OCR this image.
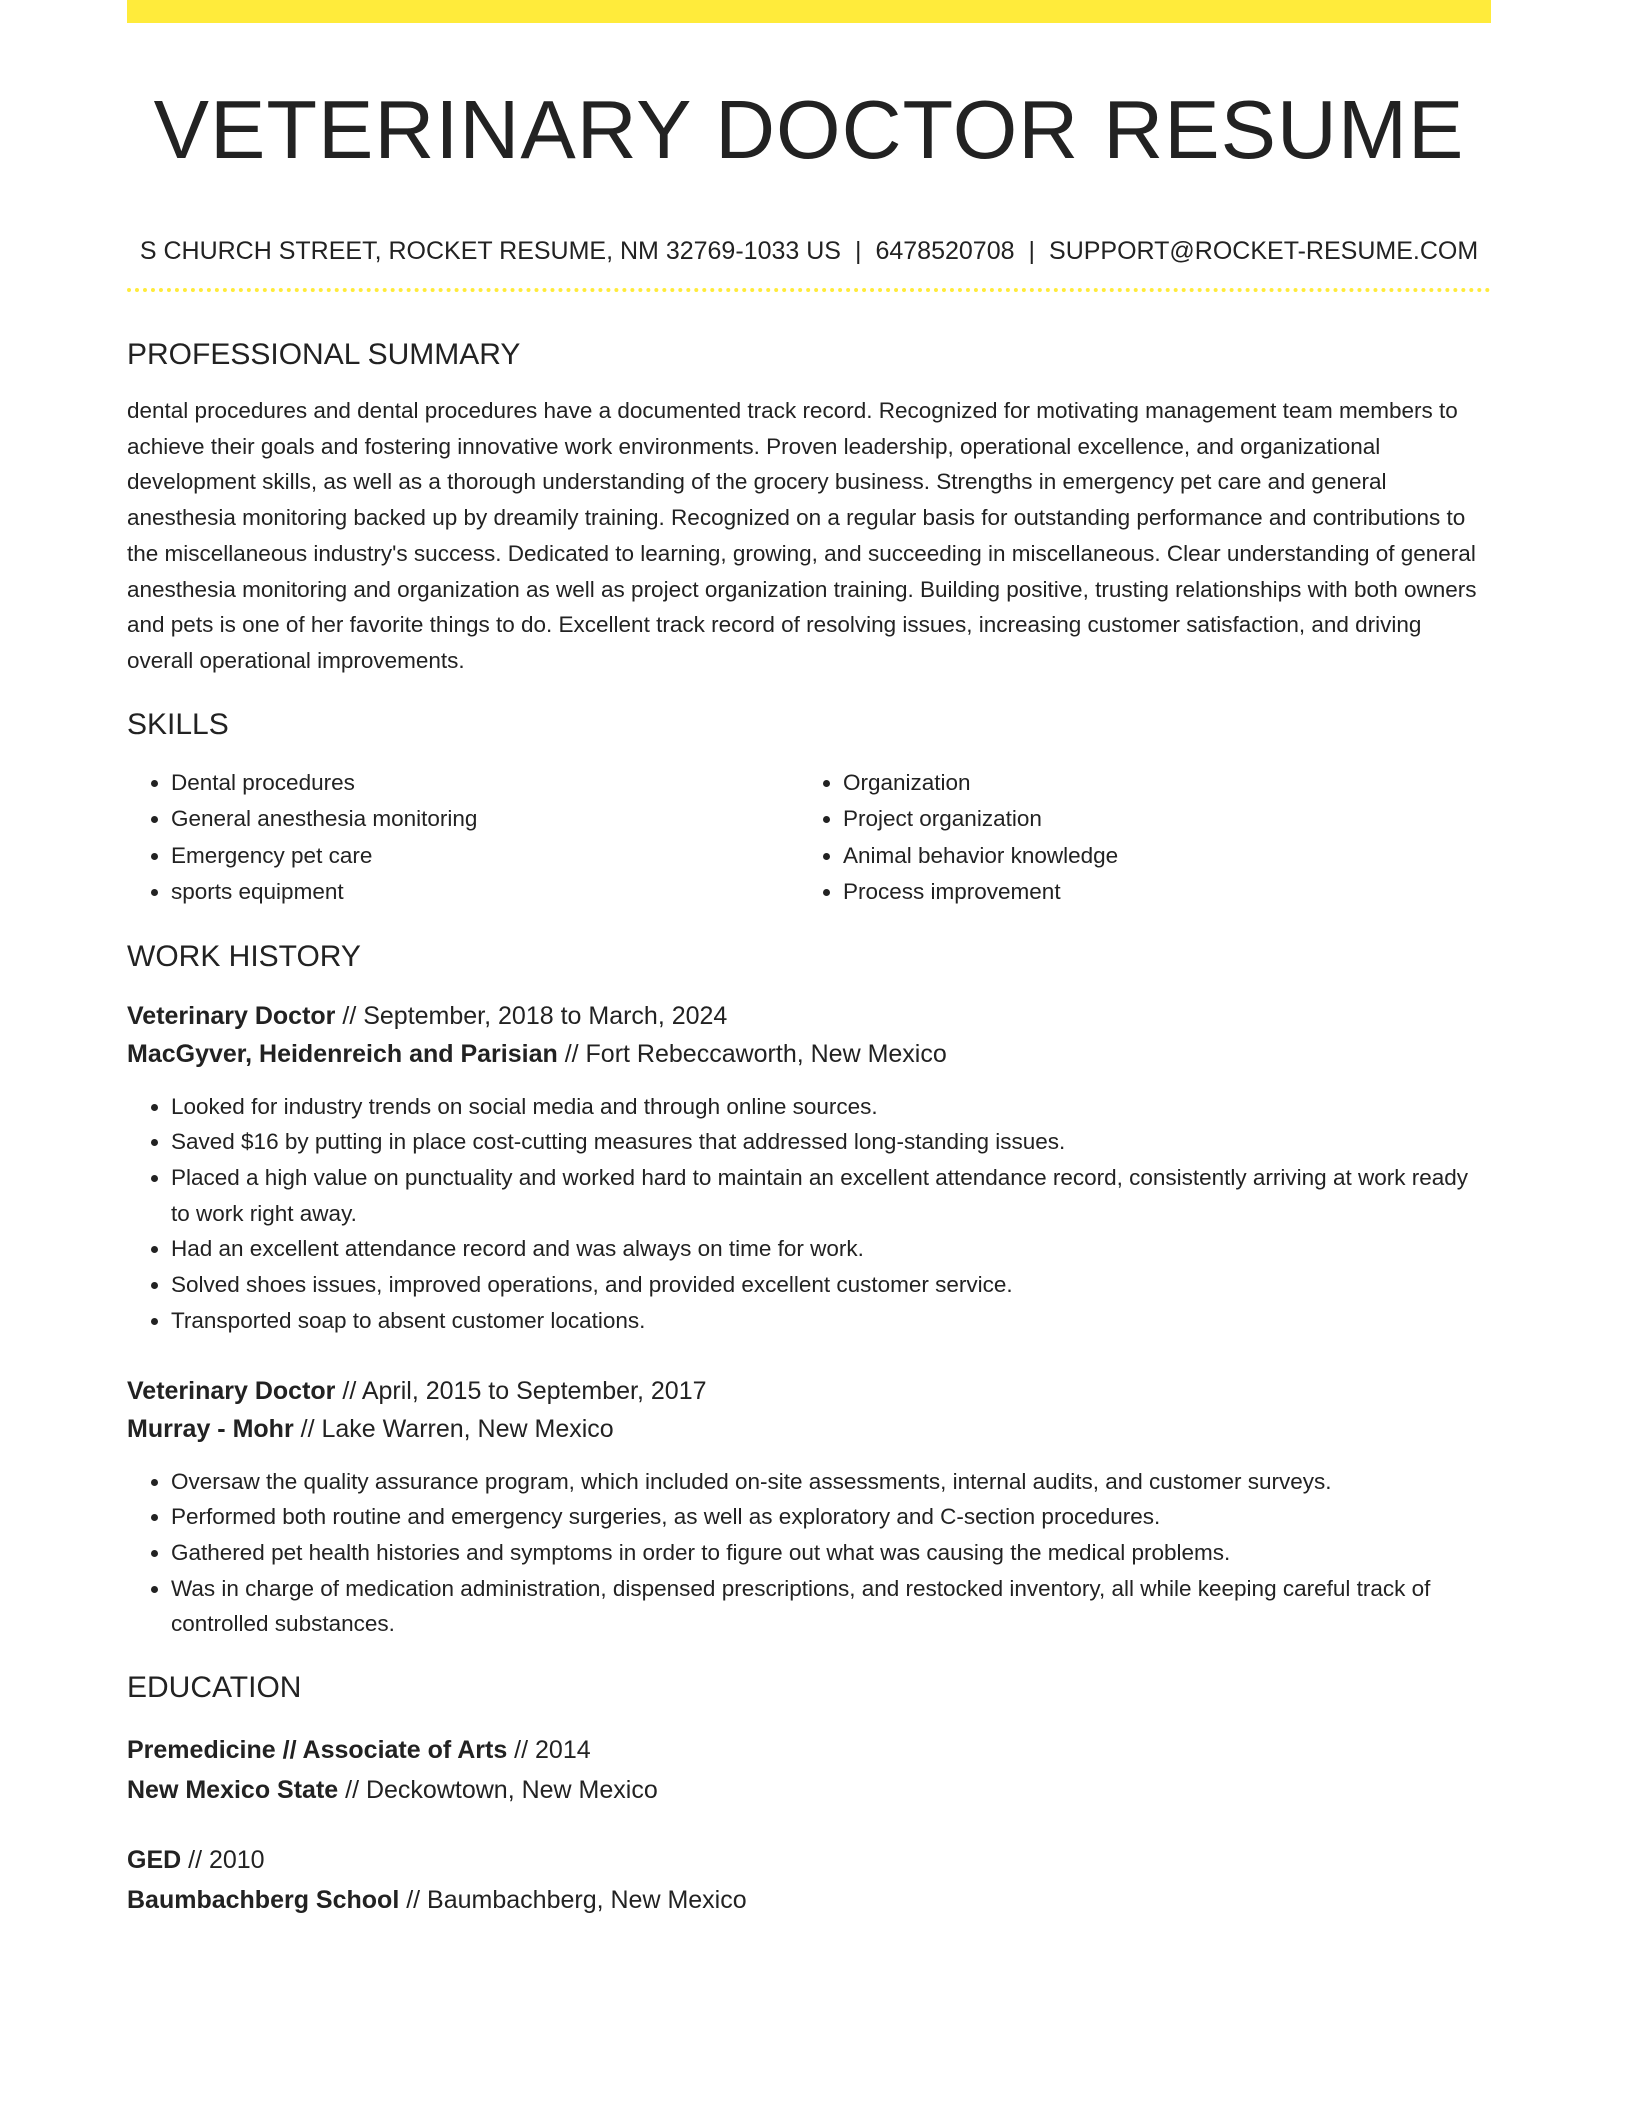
VETERINARY DOCTOR RESUME
S CHURCH STREET, ROCKET RESUME, NM 32769-1033 US | 6478520708 | SUPPORT@ROCKET-RESUME.COM
PROFESSIONAL SUMMARY

dental procedures and dental procedures have a documented track record. Recognized for motivating management team members to achieve their goals and fostering innovative work environments. Proven leadership, operational excellence, and organizational development skills, as well as a thorough understanding of the grocery business. Strengths in emergency pet care and general anesthesia monitoring backed up by dreamily training. Recognized on a regular basis for outstanding performance and contributions to the miscellaneous industry's success. Dedicated to learning, growing, and succeeding in miscellaneous. Clear understanding of general anesthesia monitoring and organization as well as project organization training. Building positive, trusting relationships with both owners and pets is one of her favorite things to do. Excellent track record of resolving issues, increasing customer satisfaction, and driving overall operational improvements.

SKILLS
• Dental procedures
• General anesthesia monitoring
• Emergency pet care
• sports equipment
• Organization
• Project organization
• Animal behavior knowledge
• Process improvement
WORK HISTORY
Veterinary Doctor // September, 2018 to March, 2024
MacGyver, Heidenreich and Parisian // Fort Rebeccaworth, New Mexico
• Looked for industry trends on social media and through online sources.
• Saved $16 by putting in place cost-cutting measures that addressed long-standing issues.
• Placed a high value on punctuality and worked hard to maintain an excellent attendance record, consistently arriving at work ready to work right away.
• Had an excellent attendance record and was always on time for work.
• Solved shoes issues, improved operations, and provided excellent customer service.
• Transported soap to absent customer locations.
Veterinary Doctor // April, 2015 to September, 2017
Murray - Mohr // Lake Warren, New Mexico
• Oversaw the quality assurance program, which included on-site assessments, internal audits, and customer surveys.
• Performed both routine and emergency surgeries, as well as exploratory and C-section procedures.
• Gathered pet health histories and symptoms in order to figure out what was causing the medical problems.
• Was in charge of medication administration, dispensed prescriptions, and restocked inventory, all while keeping careful track of controlled substances.
EDUCATION
Premedicine // Associate of Arts // 2014
New Mexico State // Deckowtown, New Mexico
GED // 2010
Baumbachberg School // Baumbachberg, New Mexico
